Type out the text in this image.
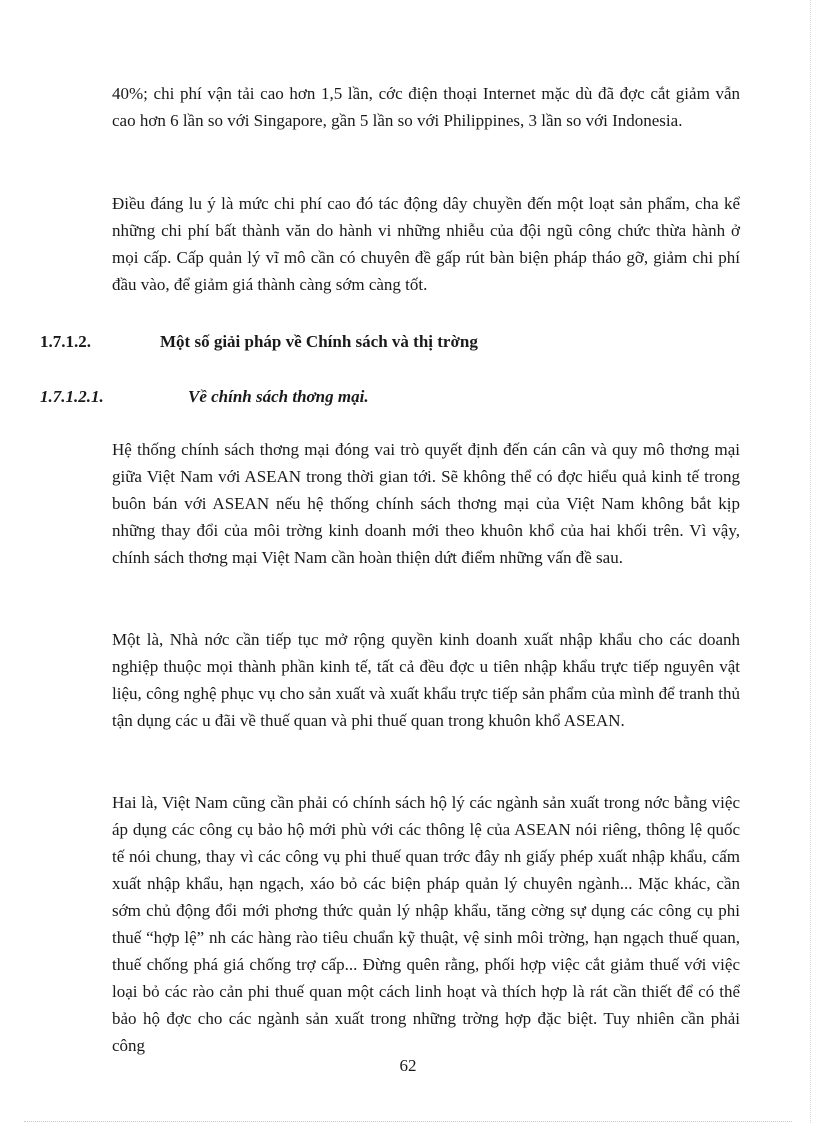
40%; chi phí vận tải cao hơn 1,5 lần, cớc điện thoại Internet mặc dù đã đợc cắt giảm vẫn cao hơn 6 lần so với Singapore, gần 5 lần so với Philippines, 3 lần so với Indonesia.

Điều đáng lu ý là mức chi phí cao đó tác động dây chuyền đến một loạt sản phẩm, cha kể những chi phí bất thành văn do hành vi những nhiễu của đội ngũ công chức thừa hành ở mọi cấp. Cấp quản lý vĩ mô cần có chuyên đề gấp rút bàn biện pháp tháo gỡ, giảm chi phí đầu vào, để giảm giá thành càng sớm càng tốt.

1.7.1.2.	Một số giải pháp về Chính sách và thị trờng
1.7.1.2.1.	Về chính sách thơng mại.

Hệ thống chính sách thơng mại đóng vai trò quyết định đến cán cân và quy mô thơng mại giữa Việt Nam với ASEAN trong thời gian tới. Sẽ không thể có đợc hiểu quả kinh tế trong buôn bán với ASEAN nếu hệ thống chính sách thơng mại của Việt Nam không bắt kịp những thay đổi của môi trờng kinh doanh mới theo khuôn khổ của hai khối trên. Vì vậy, chính sách thơng mại Việt Nam cần hoàn thiện dứt điểm những vấn đề sau.

Một là, Nhà nớc cần tiếp tục mở rộng quyền kinh doanh xuất nhập khẩu cho các doanh nghiệp thuộc mọi thành phần kinh tế, tất cả đều đợc u tiên nhập khẩu trực tiếp nguyên vật liệu, công nghệ phục vụ cho sản xuất và xuất khẩu trực tiếp sản phẩm của mình để tranh thủ tận dụng các u đãi về thuế quan và phi thuế quan trong khuôn khổ ASEAN.

Hai là, Việt Nam cũng cần phải có chính sách hộ lý các ngành sản xuất trong nớc bằng việc áp dụng các công cụ bảo hộ mới phù với các thông lệ của ASEAN nói riêng, thông lệ quốc tế nói chung, thay vì các công vụ phi thuế quan trớc đây nh giấy phép xuất nhập khẩu, cấm xuất nhập khẩu, hạn ngạch, xáo bỏ các biện pháp quản lý chuyên ngành... Mặc khác, cần sớm chủ động đổi mới phơng thức quản lý nhập khẩu, tăng cờng sự dụng các công cụ phi thuế “hợp lệ” nh các hàng rào tiêu chuẩn kỹ thuật, vệ sinh môi trờng, hạn ngạch thuế quan, thuế chống phá giá chống trợ cấp... Đừng quên rằng, phối hợp việc cắt giảm thuế với việc loại bỏ các rào cản phi thuế quan một cách linh hoạt và thích hợp là rát cần thiết để có thể bảo hộ đợc cho các ngành sản xuất trong những trờng hợp đặc biệt. Tuy nhiên cần phải công

62
